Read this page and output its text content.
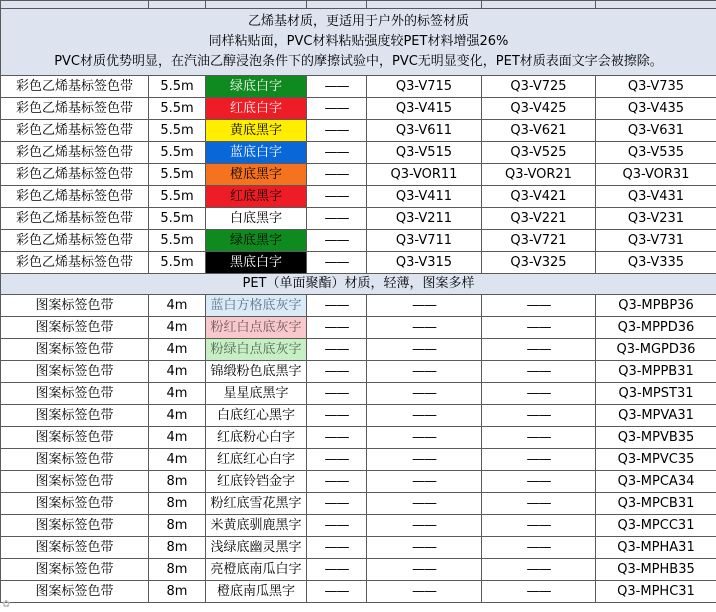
乙烯基材质，更适用于户外的标签材质
同样粘贴面，PVC材料粘贴强度较PET材料增强26%
PVC材质优势明显，在汽油乙醇浸泡条件下的摩擦试验中，PVC无明显变化，PET材质表面文字会被擦除。						

彩色乙烯基标签色带	5.5m	绿底白字	——	Q3-V715	Q3-V725	Q3-V735
彩色乙烯基标签色带	5.5m	红底白字	——	Q3-V415	Q3-V425	Q3-V435
彩色乙烯基标签色带	5.5m	黄底黑字	——	Q3-V611	Q3-V621	Q3-V631
彩色乙烯基标签色带	5.5m	蓝底白字	——	Q3-V515	Q3-V525	Q3-V535
彩色乙烯基标签色带	5.5m	橙底黑字	——	Q3-VOR11	Q3-VOR21	Q3-VOR31
彩色乙烯基标签色带	5.5m	红底黑字	——	Q3-V411	Q3-V421	Q3-V431
彩色乙烯基标签色带	5.5m	白底黑字	——	Q3-V211	Q3-V221	Q3-V231
彩色乙烯基标签色带	5.5m	绿底黑字	——	Q3-V711	Q3-V721	Q3-V731
彩色乙烯基标签色带	5.5m	黑底白字	——	Q3-V315	Q3-V325	Q3-V335
PET（单面聚酯）材质，轻薄，图案多样						
图案标签色带	4m	蓝白方格底灰字	——	——	——	Q3-MPBP36
图案标签色带	4m	粉红白点底灰字	——	——	——	Q3-MPPD36
图案标签色带	4m	粉绿白点底灰字	——	——	——	Q3-MGPD36
图案标签色带	4m	锦缎粉色底黑字	——	——	——	Q3-MPPB31
图案标签色带	4m	星星底黑字	——	——	——	Q3-MPST31
图案标签色带	4m	白底红心黑字	——	——	——	Q3-MPVA31
图案标签色带	4m	红底粉心白字	——	——	——	Q3-MPVB35
图案标签色带	4m	红底红心白字	——	——	——	Q3-MPVC35
图案标签色带	8m	红底铃铛金字	——	——	——	Q3-MPCA34
图案标签色带	8m	粉红底雪花黑字	——	——	——	Q3-MPCB31
图案标签色带	8m	米黄底驯鹿黑字	——	——	——	Q3-MPCC31
图案标签色带	8m	浅绿底幽灵黑字	——	——	——	Q3-MPHA31
图案标签色带	8m	亮橙底南瓜白字	——	——	——	Q3-MPHB35
图案标签色带	8m	橙底南瓜黑字	——	——	——	Q3-MPHC31
✿
